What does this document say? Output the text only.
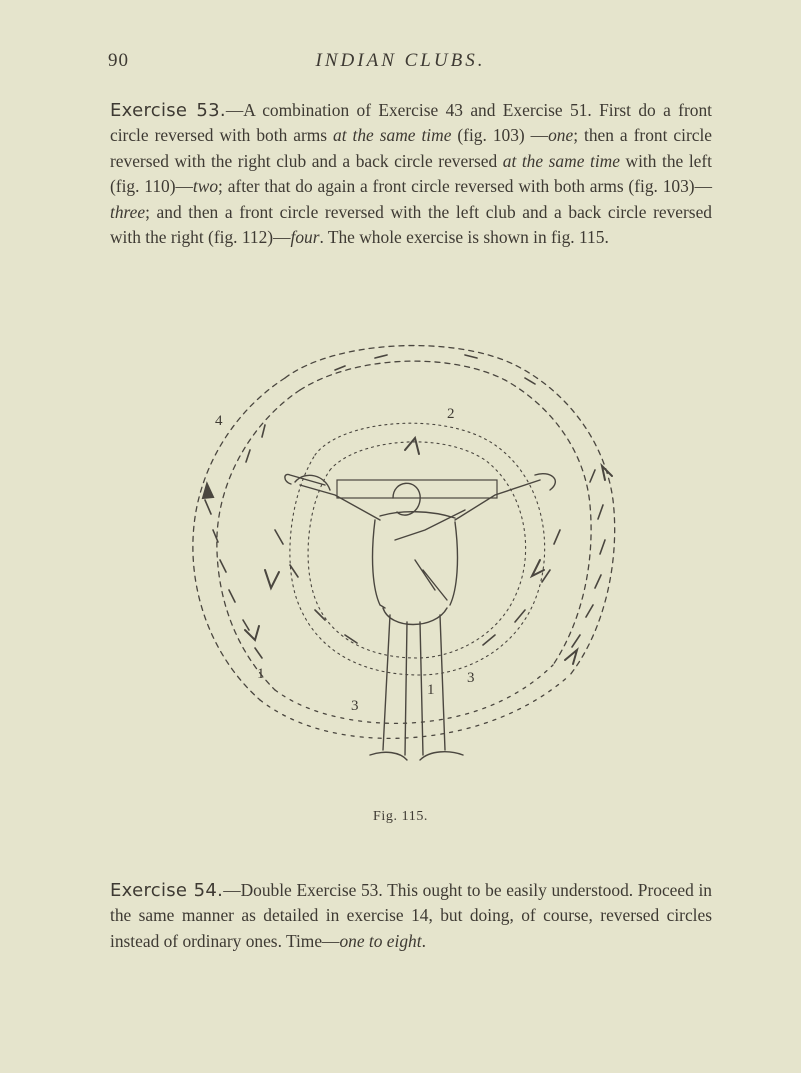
90	INDIAN CLUBS.

Exercise 53.—A combination of Exercise 43 and Exercise 51. First do a front circle reversed with both arms at the same time (fig. 103) —one; then a front circle reversed with the right club and a back circle reversed at the same time with the left (fig. 110)—two; after that do again a front circle reversed with both arms (fig. 103)—three; and then a front circle reversed with the left club and a back circle reversed with the right (fig. 112)—four. The whole exercise is shown in fig. 115.

4	2
1
3
1
3
Fig. 115.

Exercise 54.—Double Exercise 53. This ought to be easily understood. Proceed in the same manner as detailed in exercise 14, but doing, of course, reversed circles instead of ordinary ones. Time—one to eight.
